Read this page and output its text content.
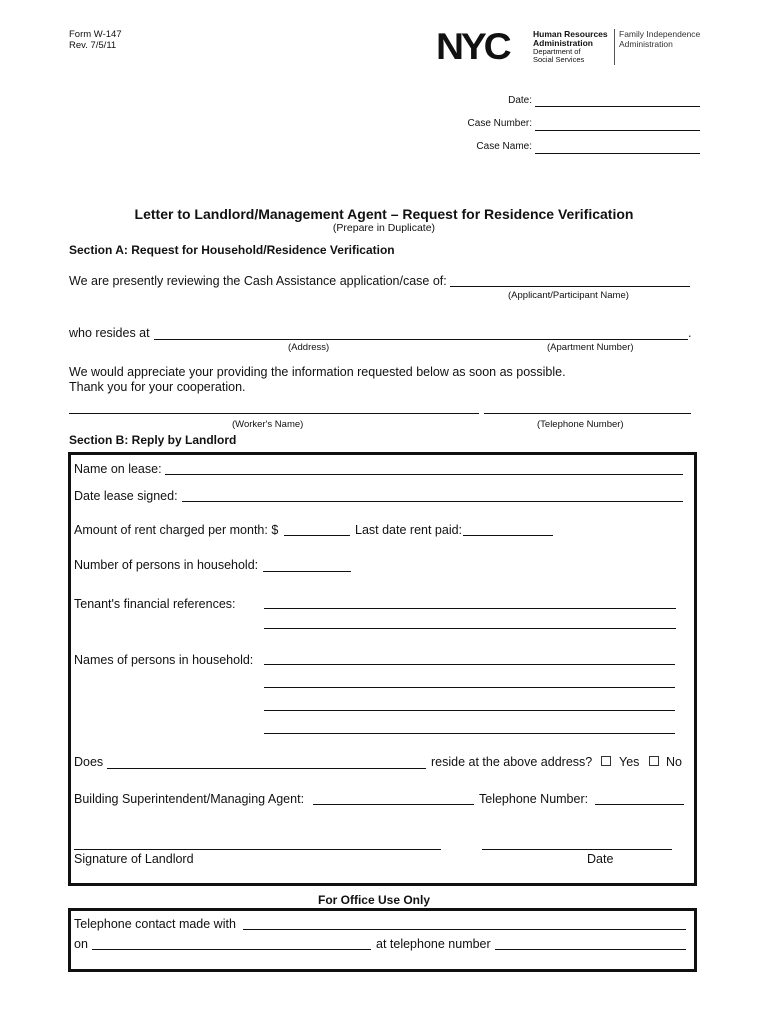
Form W-147
Rev. 7/5/11	NYC	Human Resources
Administration
Department of
Social Services
Family Independence
Administration
Date:
Case Number:
Case Name:
Letter to Landlord/Management Agent – Request for Residence Verification
(Prepare in Duplicate)
Section A: Request for Household/Residence Verification
We are presently reviewing the Cash Assistance application/case of:
(Applicant/Participant Name)
who resides at	.
(Address)	(Apartment Number)
We would appreciate your providing the information requested below as soon as possible.
Thank you for your cooperation.
(Worker's Name)	(Telephone Number)
Section B: Reply by Landlord
Name on lease:
Date lease signed:
Amount of rent charged per month: $	Last date rent paid:
Number of persons in household:
Tenant's financial references:
Names of persons in household:
Does	reside at the above address? Yes No
Building Superintendent/Managing Agent:	Telephone Number:
Signature of Landlord	Date
For Office Use Only
Telephone contact made with
on	at telephone number
